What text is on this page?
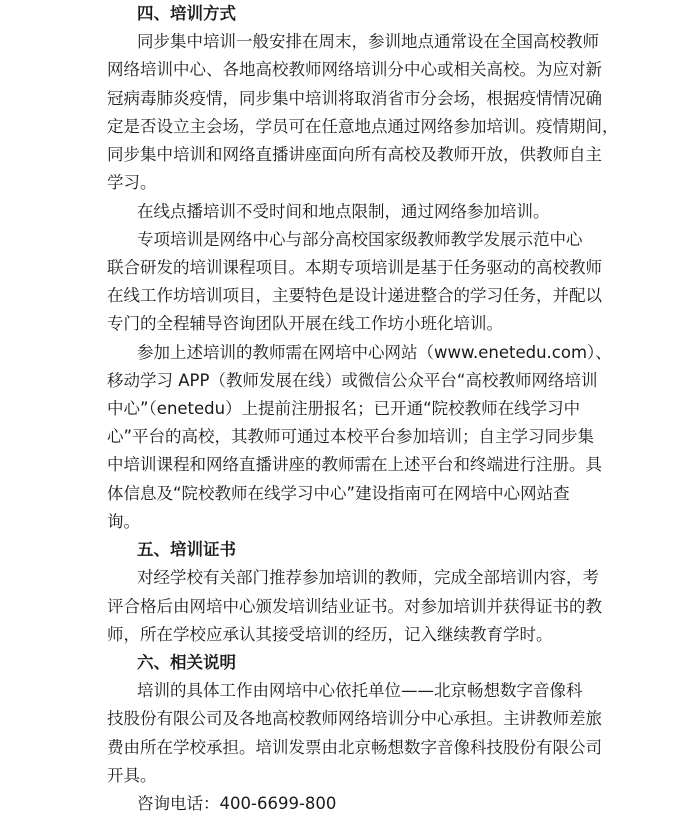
四、培训方式
同步集中培训一般安排在周末，参训地点通常设在全国高校教师
网络培训中心、各地高校教师网络培训分中心或相关高校。为应对新
冠病毒肺炎疫情，同步集中培训将取消省市分会场，根据疫情情况确
定是否设立主会场，学员可在任意地点通过网络参加培训。疫情期间，
同步集中培训和网络直播讲座面向所有高校及教师开放，供教师自主
学习。
在线点播培训不受时间和地点限制，通过网络参加培训。
专项培训是网络中心与部分高校国家级教师教学发展示范中心
联合研发的培训课程项目。本期专项培训是基于任务驱动的高校教师
在线工作坊培训项目，主要特色是设计递进整合的学习任务，并配以
专门的全程辅导咨询团队开展在线工作坊小班化培训。
参加上述培训的教师需在网培中心网站（www.enetedu.com）、
移动学习 APP（教师发展在线）或微信公众平台“高校教师网络培训
中心”（enetedu）上提前注册报名；已开通“院校教师在线学习中
心”平台的高校，其教师可通过本校平台参加培训；自主学习同步集
中培训课程和网络直播讲座的教师需在上述平台和终端进行注册。具
体信息及“院校教师在线学习中心”建设指南可在网培中心网站查
询。
五、培训证书
对经学校有关部门推荐参加培训的教师，完成全部培训内容，考
评合格后由网培中心颁发培训结业证书。对参加培训并获得证书的教
师，所在学校应承认其接受培训的经历，记入继续教育学时。
六、相关说明
培训的具体工作由网培中心依托单位——北京畅想数字音像科
技股份有限公司及各地高校教师网络培训分中心承担。主讲教师差旅
费由所在学校承担。培训发票由北京畅想数字音像科技股份有限公司
开具。
咨询电话：400-6699-800
